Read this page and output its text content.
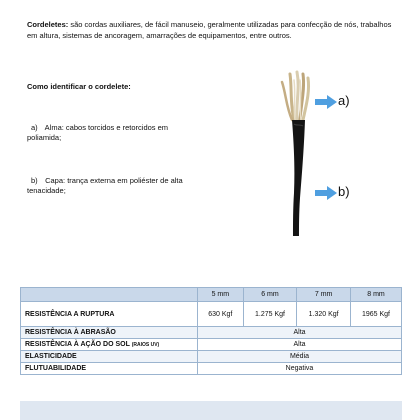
Cordeletes: são cordas auxiliares, de fácil manuseio, geralmente utilizadas para confecção de nós, trabalhos em altura, sistemas de ancoragem, amarrações de equipamentos, entre outros.
Como identificar o cordelete:
a) Alma: cabos torcidos e retorcidos em poliamida;
b) Capa: trança externa em poliéster de alta tenacidade;
a)
b)
	5 mm	6 mm	7 mm	8 mm
RESISTÊNCIA A RUPTURA	630 Kgf	1.275 Kgf	1.320 Kgf	1965 Kgf
RESISTÊNCIA À ABRASÃO	Alta			
RESISTÊNCIA À AÇÃO DO SOL (RAIOS UV)	Alta			
ELASTICIDADE	Média			
FLUTUABILIDADE	Negativa			
